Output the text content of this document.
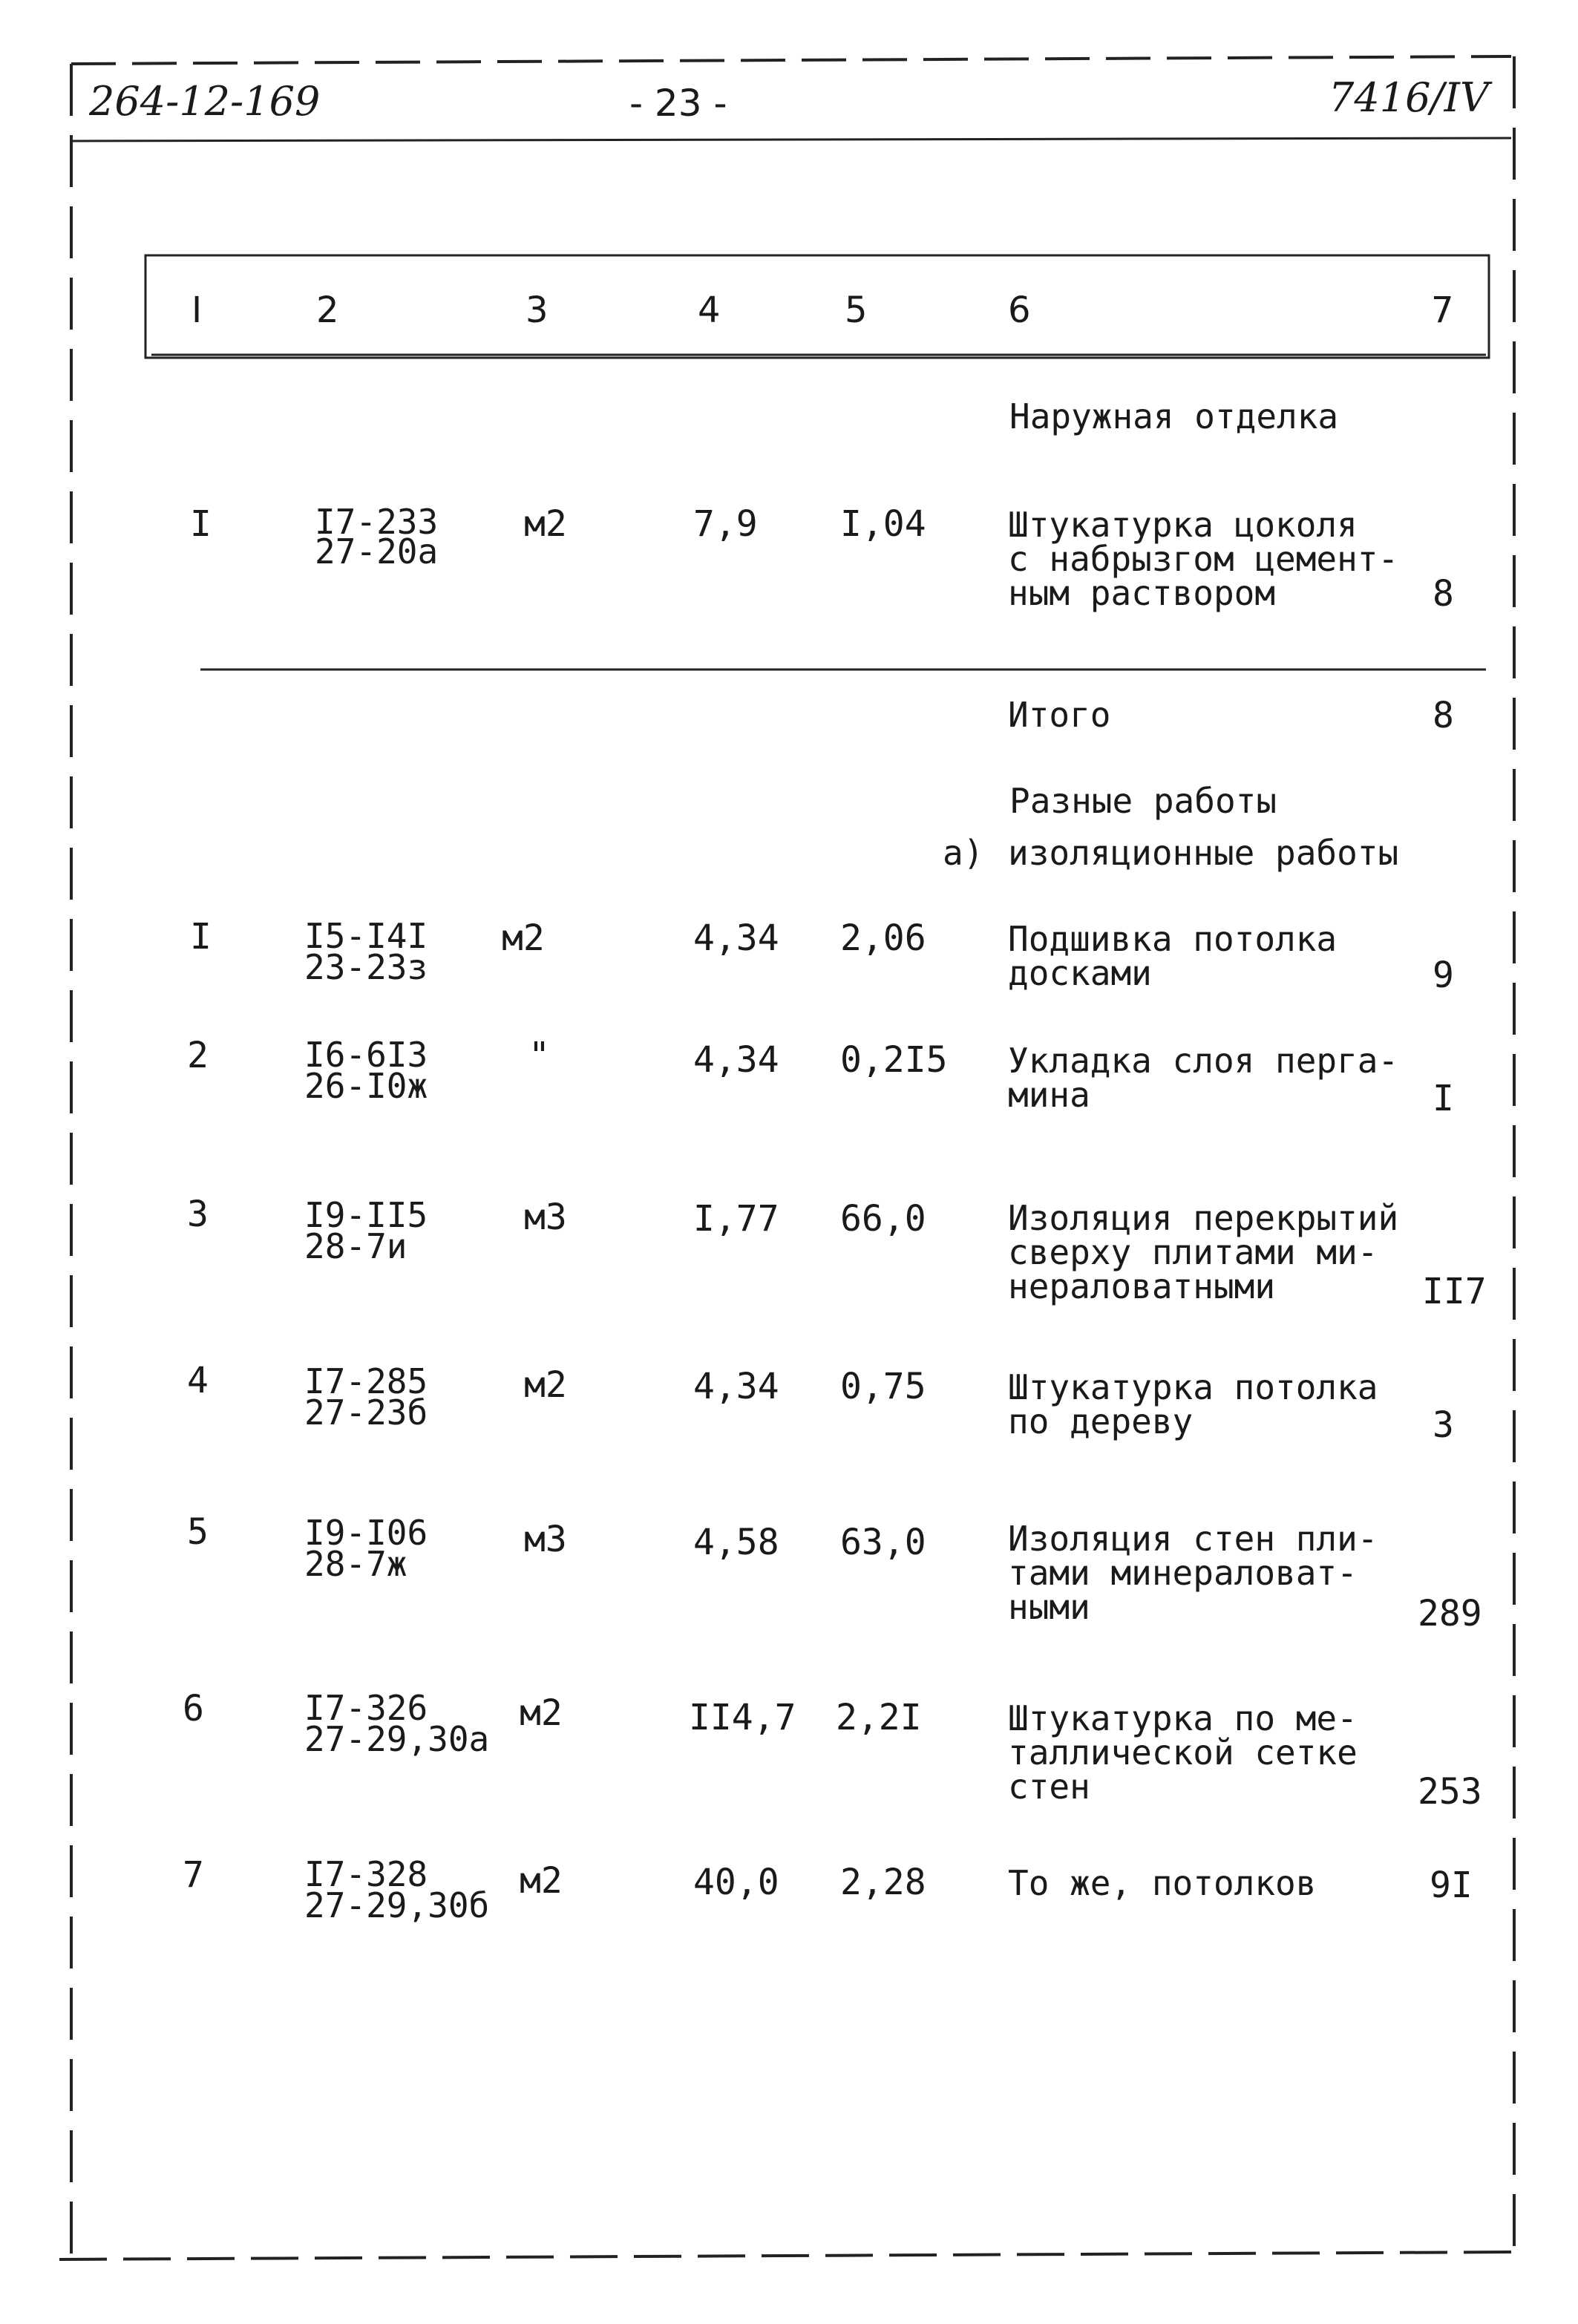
264-12-169	- 23 -	7416/IV
I	2	3	4	5	6	7
Наружная отделка
I	I7-233
27-20а
м2	7,9 I,04 Штукатурка цоколя
с набрызгом цемент-
ным раствором	8
Итого	8
Разные работы
а) изоляционные работы
I	I5-I4I
23-23з
м2	4,34 2,06 Подшивка потолка
досками	9
2	I6-6I3
26-I0ж
"	4,34 0,2I5 Укладка слоя перга-
мина	I
3	I9-II5
28-7и
м3	I,77 66,0 Изоляция перекрытий
сверху плитами ми-
нераловатными	II7
4	I7-285
27-23б
м2	4,34 0,75 Штукатурка потолка
по дереву	3
5	I9-I06
28-7ж
м3	4,58 63,0 Изоляция стен пли-
тами минераловат-
ными	289
6	I7-326
27-29,30а
м2	II4,7 2,2I	Штукатурка по ме-
таллической сетке
стен	253
7	I7-328
27-29,30б
м2	40,0 2,28 То же, потолков	9I
